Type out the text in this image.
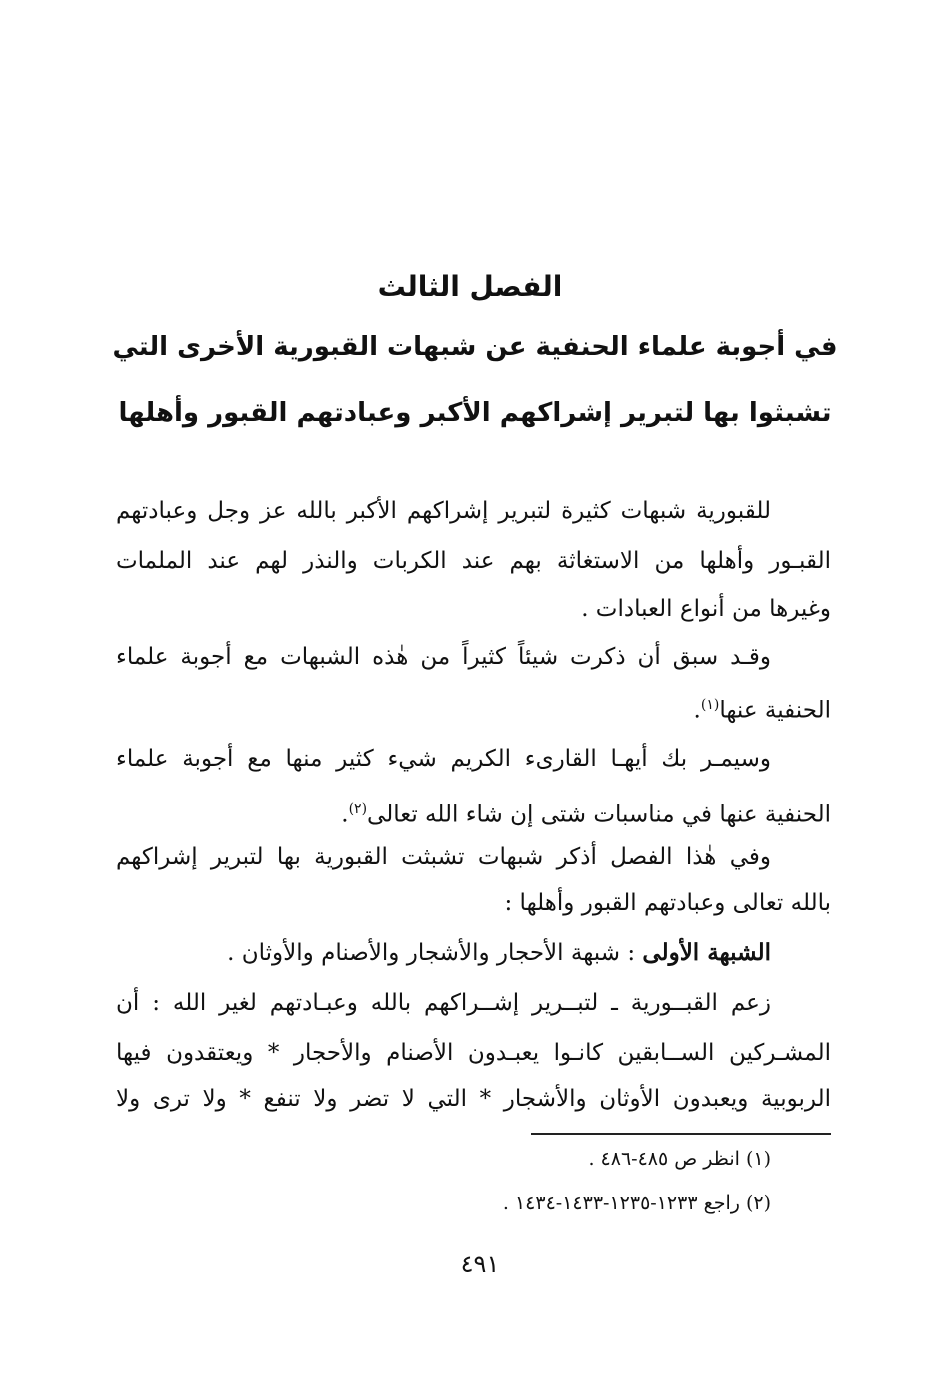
الفصل الثالث
في أجوبة علماء الحنفية عن شبهات القبورية الأخرى التي
تشبثوا بها لتبرير إشراكهم الأكبر وعبادتهم القبور وأهلها
للقبورية شبهات كثيرة لتبرير إشراكهم الأكبر بالله عز وجل وعبادتهم
القبـور وأهلها من الاستغاثة بهم عند الكربات والنذر لهم عند الملمات
وغيرها من أنواع العبادات .
وقـد سبق أن ذكرت شيئاً كثيراً من هٰذه الشبهات مع أجوبة علماء
الحنفية عنها$^{(١)}$.
وسيمـر بك أيهـا القارىء الكريم شيء كثير منها مع أجوبة علماء
الحنفية عنها في مناسبات شتى إن شاء الله تعالى$^{(٢)}$.
وفي هٰذا الفصل أذكر شبهات تشبثت القبورية بها لتبرير إشراكهم
بالله تعالى وعبادتهم القبور وأهلها :
الشبهة الأولى : شبهة الأحجار والأشجار والأصنام والأوثان .
زعم القبــورية ـ لتبــرير إشــراكهم بالله وعبـادتهم لغير الله : أن
المشـركين الســابقين كانـوا يعبـدون الأصنام والأحجار * ويعتقدون فيها
الربوبية ويعبدون الأوثان والأشجار * التي لا تضر ولا تنفع * ولا ترى ولا
(١) انظر ص ٤٨٥-٤٨٦ .
(٢) راجع ١٢٣٣-١٢٣٥-١٤٣٣-١٤٣٤ .
٤٩١
